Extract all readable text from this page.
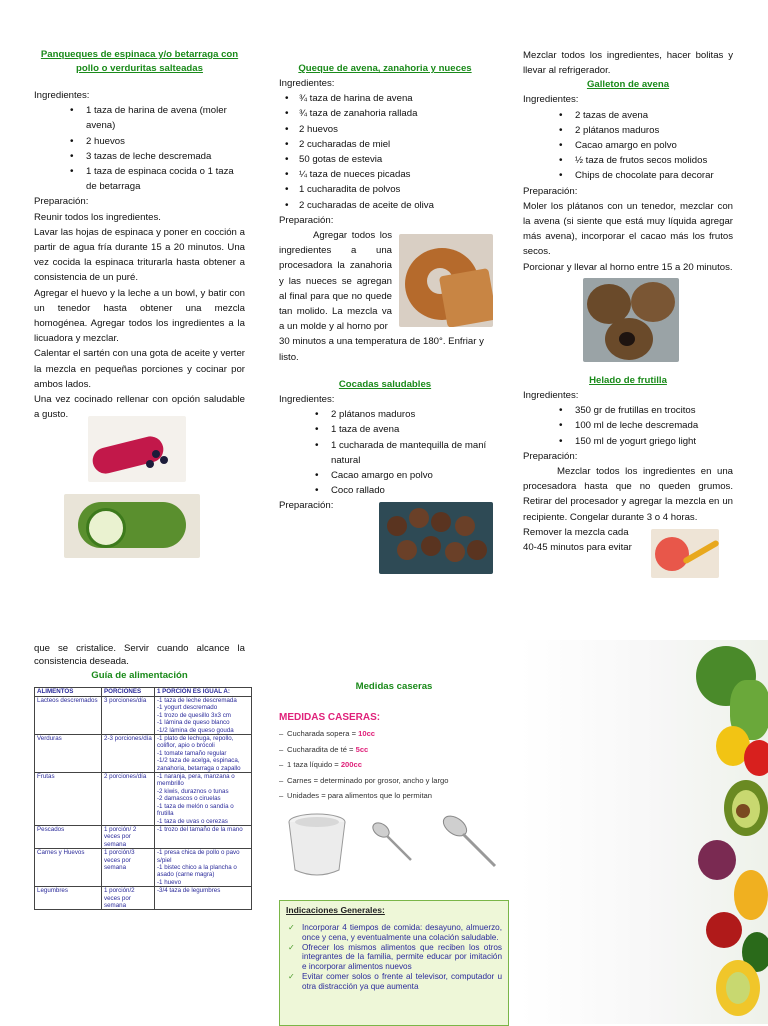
Panqueques de espinaca y/o betarraga con
pollo o verduritas salteadas

Ingredientes:

• 1 taza de harina de avena (moler avena)
• 2 huevos
• 3 tazas de leche descremada
• 1 taza de espinaca cocida o 1 taza de betarraga

Preparación:

Reunir todos los ingredientes.

Lavar las hojas de espinaca y poner en cocción a partir de agua fría durante 15 a 20 minutos. Una vez cocida la espinaca triturarla hasta obtener a consistencia de un puré.

Agregar el huevo y la leche a un bowl, y batir con un tenedor hasta obtener una mezcla homogénea. Agregar todos los ingredientes a la licuadora y mezclar.

Calentar el sartén con una gota de aceite y verter la mezcla en pequeñas porciones y cocinar por ambos lados.

Una vez cocinado rellenar con opción saludable a gusto.

Queque de avena, zanahoria y nueces

Ingredientes:

• ¾ taza de harina de avena
• ¾ taza de zanahoria rallada
• 2 huevos
• 2 cucharadas de miel
• 50 gotas de estevia
• ¼ taza de nueces picadas
• 1 cucharadita de polvos
• 2 cucharadas de aceite de oliva

Preparación:

Agregar todos los ingredientes a una procesadora la zanahoria y las nueces se agregan al final para que no quede tan molido. La mezcla va a un molde y al horno por

30 minutos a una temperatura de 180°. Enfriar y listo.

Cocadas saludables

Ingredientes:

• 2 plátanos maduros
• 1 taza de avena
• 1 cucharada de mantequilla de maní natural
• Cacao amargo en polvo
• Coco rallado

Preparación:

Mezclar todos los ingredientes, hacer bolitas y llevar al refrigerador.

Galleton de avena

Ingredientes:

• 2 tazas de avena
• 2 plátanos maduros
• Cacao amargo en polvo
• ½ taza de frutos secos molidos
• Chips de chocolate para decorar

Preparación:

Moler los plátanos con un tenedor, mezclar con la avena (si siente que está muy líquida agregar más avena), incorporar el cacao más los frutos secos.

Porcionar y llevar al horno entre 15 a 20 minutos.

Helado de frutilla

Ingredientes:

• 350 gr de frutillas en trocitos
• 100 ml de leche descremada
• 150 ml de yogurt griego light

Preparación:

Mezclar todos los ingredientes en una procesadora hasta que no queden grumos. Retirar del procesador y agregar la mezcla en un recipiente. Congelar durante 3 o 4 horas.

Remover la mezcla cada

40-45 minutos para evitar

que se cristalice. Servir cuando alcance la consistencia deseada.

Guía de alimentación
ALIMENTOS	PORCIONES	1 PORCIÓN ES IGUAL A:
Lacteos descremados	3 porciones/día	-1 taza de leche descremada
-1 yogurt descremado
-1 trozo de quesillo 3x3 cm
-1 lámina de queso blanco
-1/2 lámina de queso gouda
Verduras	2-3 porciones/día	-1 plato de lechuga, repollo, coliflor, apio o brócoli
-1 tomate tamaño regular
-1/2 taza de acelga, espinaca, zanahoria, betarraga o zapallo
Frutas	2 porciones/día	-1 naranja, pera, manzana o membrillo
-2 kiwis, duraznos o tunas
-2 damascos o ciruelas
-1 taza de melón o sandía o frutilla
-1 taza de uvas o cerezas
Pescados	1 porción/ 2 veces por semana	-1 trozo del tamaño de la mano
Carnes y Huevos	1 porción/3 veces por semana	-1 presa chica de pollo o pavo s/piel
-1 bistec chico a la plancha o asado (carne magra)
-1 huevo
Legumbres	1 porción/2 veces por semana	-3/4 taza de legumbres
Medidas caseras
MEDIDAS CASERAS:
– Cucharada sopera = 10cc
– Cucharadita de té = 5cc
– 1 taza líquido = 200cc
– Carnes = determinado por grosor, ancho y largo
– Unidades = para alimentos que lo permitan
Indicaciones Generales:
✓ Incorporar 4 tiempos de comida: desayuno, almuerzo, once y cena, y eventualmente una colación saludable.
✓ Ofrecer los mismos alimentos que reciben los otros integrantes de la familia, permite educar por imitación e incorporar alimentos nuevos
✓ Evitar comer solos o frente al televisor, computador u otra distracción ya que aumenta
